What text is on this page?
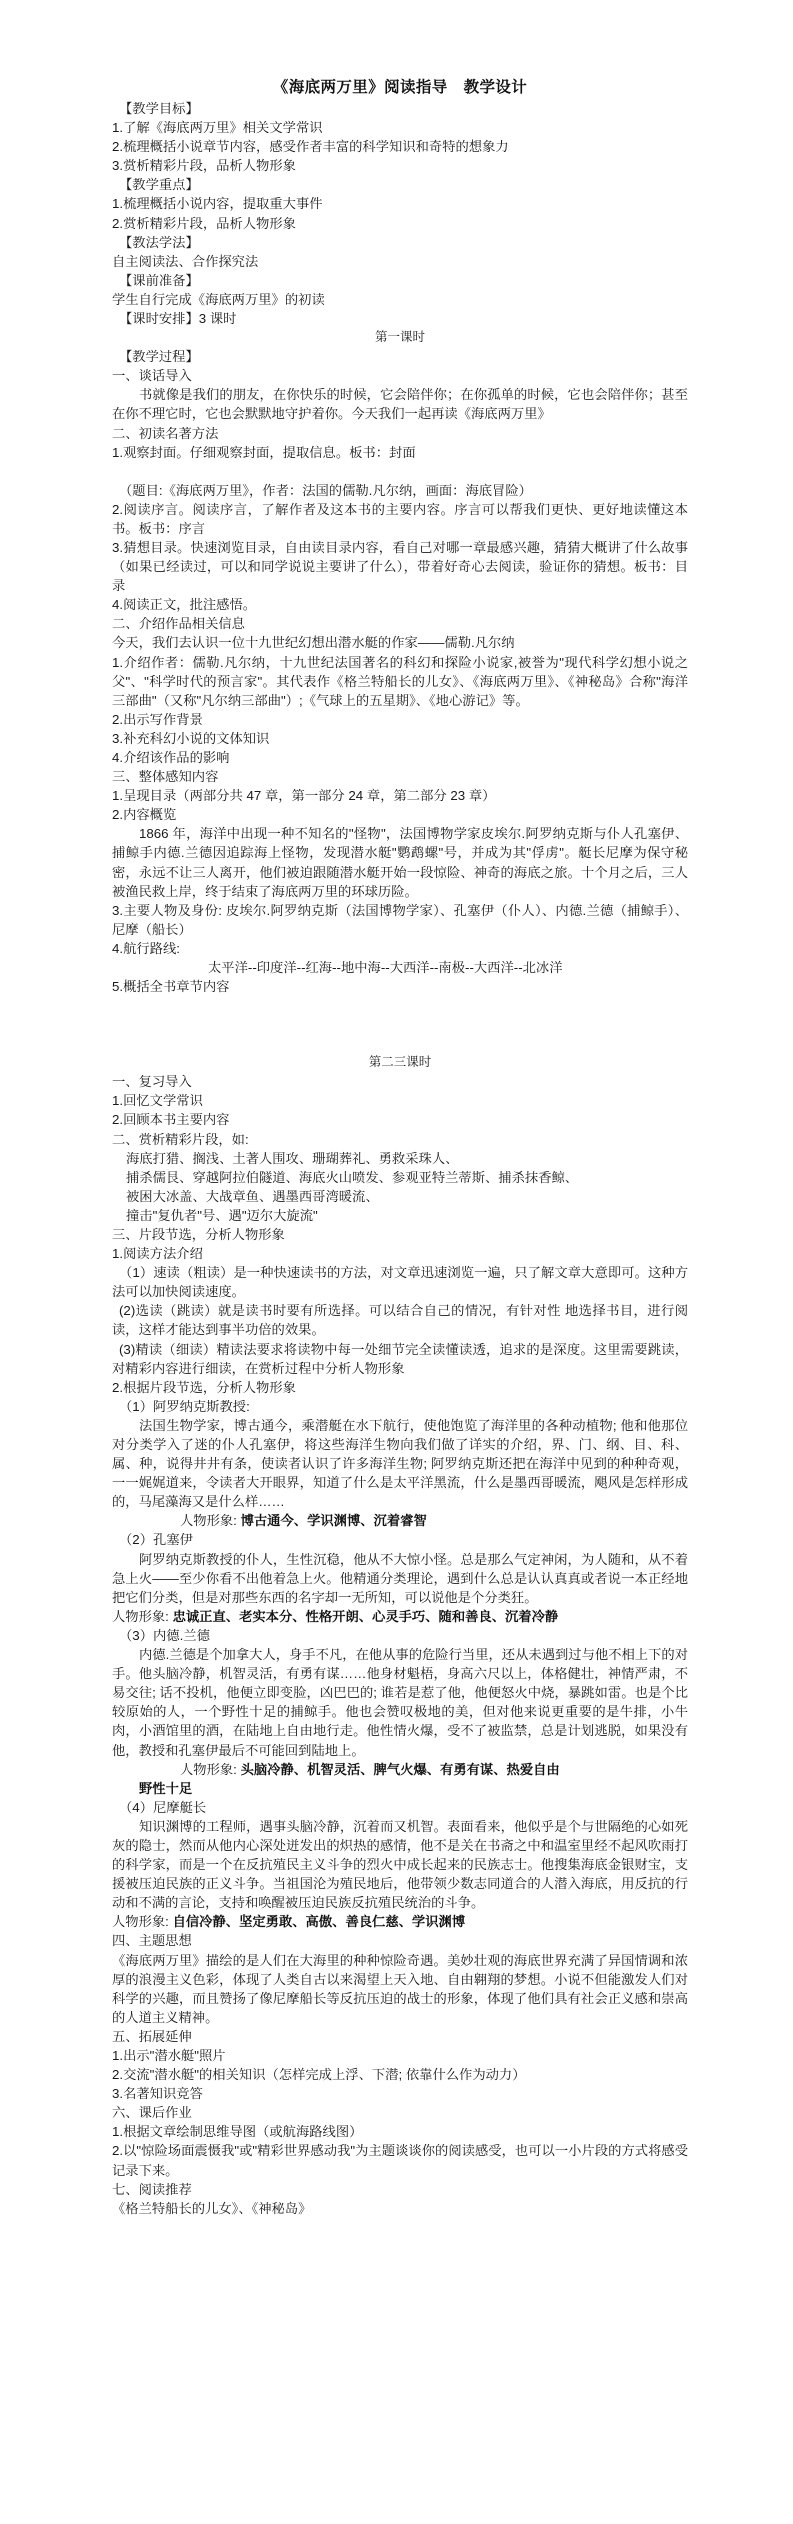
《海底两万里》阅读指导　教学设计
【教学目标】
1.了解《海底两万里》相关文学常识
2.梳理概括小说章节内容，感受作者丰富的科学知识和奇特的想象力
3.赏析精彩片段，品析人物形象
【教学重点】
1.梳理概括小说内容，提取重大事件
2.赏析精彩片段，品析人物形象
【教法学法】
自主阅读法、合作探究法
【课前准备】
学生自行完成《海底两万里》的初读
【课时安排】3 课时
第一课时
【教学过程】
一、谈话导入
书就像是我们的朋友，在你快乐的时候，它会陪伴你；在你孤单的时候，它也会陪伴你；甚至在你不理它时，它也会默默地守护着你。今天我们一起再读《海底两万里》
二、初读名著方法
1.观察封面。仔细观察封面，提取信息。板书：封面
（题目:《海底两万里》，作者：法国的儒勒.凡尔纳，画面：海底冒险）
2.阅读序言。阅读序言，了解作者及这本书的主要内容。序言可以帮我们更快、更好地读懂这本书。板书：序言
3.猜想目录。快速浏览目录，自由读目录内容，看自己对哪一章最感兴趣，猜猜大概讲了什么故事（如果已经读过，可以和同学说说主要讲了什么），带着好奇心去阅读，验证你的猜想。板书：目录
4.阅读正文，批注感悟。
二、介绍作品相关信息
今天，我们去认识一位十九世纪幻想出潜水艇的作家——儒勒.凡尔纳
1.介绍作者：儒勒.凡尔纳，十九世纪法国著名的科幻和探险小说家,被誉为"现代科学幻想小说之父"、"科学时代的预言家"。其代表作《格兰特船长的儿女》、《海底两万里》、《神秘岛》合称"海洋三部曲"（又称"凡尔纳三部曲"）;《气球上的五星期》、《地心游记》等。
2.出示写作背景
3.补充科幻小说的文体知识
4.介绍该作品的影响
三、整体感知内容
1.呈现目录（两部分共 47 章，第一部分 24 章，第二部分 23 章）
2.内容概览
1866 年，海洋中出现一种不知名的"怪物"，法国博物学家皮埃尔.阿罗纳克斯与仆人孔塞伊、捕鲸手内德.兰德因追踪海上怪物，发现潜水艇"鹦鹉螺"号，并成为其"俘虏"。艇长尼摩为保守秘密，永远不让三人离开，他们被迫跟随潜水艇开始一段惊险、神奇的海底之旅。十个月之后，三人被渔民救上岸，终于结束了海底两万里的环球历险。
3.主要人物及身份: 皮埃尔.阿罗纳克斯（法国博物学家）、孔塞伊（仆人）、内德.兰德（捕鲸手）、尼摩（船长）
4.航行路线:
太平洋--印度洋--红海--地中海--大西洋--南极--大西洋--北冰洋
5.概括全书章节内容
第二三课时
一、复习导入
1.回忆文学常识
2.回顾本书主要内容
二、赏析精彩片段，如:
海底打猎、搁浅、土著人围攻、珊瑚葬礼、勇救采珠人、
捕杀儒艮、穿越阿拉伯隧道、海底火山喷发、参观亚特兰蒂斯、捕杀抹香鲸、
被困大冰盖、大战章鱼、遇墨西哥湾暖流、
撞击"复仇者"号、遇"迈尔大旋流"
三、片段节选，分析人物形象
1.阅读方法介绍
（1）速读（粗读）是一种快速读书的方法，对文章迅速浏览一遍，只了解文章大意即可。这种方法可以加快阅读速度。
(2)选读（跳读）就是读书时要有所选择。可以结合自己的情况，有针对性 地选择书目，进行阅读，这样才能达到事半功倍的效果。
(3)精读（细读）精读法要求将读物中每一处细节完全读懂读透，追求的是深度。这里需要跳读，对精彩内容进行细读，在赏析过程中分析人物形象
2.根据片段节选，分析人物形象
（1）阿罗纳克斯教授:
法国生物学家，博古通今，乘潜艇在水下航行，使他饱览了海洋里的各种动植物; 他和他那位对分类学入了迷的仆人孔塞伊，将这些海洋生物向我们做了详实的介绍，界、门、纲、目、科、属、种，说得井井有条，使读者认识了许多海洋生物; 阿罗纳克斯还把在海洋中见到的种种奇观，一一娓娓道来，令读者大开眼界，知道了什么是太平洋黑流，什么是墨西哥暖流，飓风是怎样形成的，马尾藻海又是什么样……
人物形象: 博古通今、学识渊博、沉着睿智
（2）孔塞伊
阿罗纳克斯教授的仆人，生性沉稳，他从不大惊小怪。总是那么气定神闲，为人随和，从不着急上火——至少你看不出他着急上火。他精通分类理论，遇到什么总是认认真真或者说一本正经地把它们分类，但是对那些东西的名字却一无所知，可以说他是个分类狂。
人物形象: 忠诚正直、老实本分、性格开朗、心灵手巧、随和善良、沉着冷静
（3）内德.兰德
内德.兰德是个加拿大人，身手不凡，在他从事的危险行当里，还从未遇到过与他不相上下的对手。他头脑冷静，机智灵活，有勇有谋……他身材魁梧，身高六尺以上，体格健壮，神情严肃，不易交往; 话不投机，他便立即变脸，凶巴巴的; 谁若是惹了他，他便怒火中烧，暴跳如雷。也是个比较原始的人，一个野性十足的捕鲸手。他也会赞叹极地的美，但对他来说更重要的是牛排，小牛肉，小酒馆里的酒，在陆地上自由地行走。他性情火爆，受不了被监禁，总是计划逃脱，如果没有他，教授和孔塞伊最后不可能回到陆地上。
人物形象: 头脑冷静、机智灵活、脾气火爆、有勇有谋、热爱自由
野性十足
（4）尼摩艇长
知识渊博的工程师，遇事头脑冷静，沉着而又机智。表面看来，他似乎是个与世隔绝的心如死灰的隐士，然而从他内心深处迸发出的炽热的感情，他不是关在书斋之中和温室里经不起风吹雨打的科学家，而是一个在反抗殖民主义斗争的烈火中成长起来的民族志士。他搜集海底金银财宝，支援被压迫民族的正义斗争。当祖国沦为殖民地后，他带领少数志同道合的人潜入海底，用反抗的行动和不满的言论，支持和唤醒被压迫民族反抗殖民统治的斗争。
人物形象: 自信冷静、坚定勇敢、高傲、善良仁慈、学识渊博
四、主题思想
《海底两万里》描绘的是人们在大海里的种种惊险奇遇。美妙壮观的海底世界充满了异国情调和浓厚的浪漫主义色彩，体现了人类自古以来渴望上天入地、自由翱翔的梦想。小说不但能激发人们对科学的兴趣，而且赞扬了像尼摩船长等反抗压迫的战士的形象，体现了他们具有社会正义感和崇高的人道主义精神。
五、拓展延伸
1.出示"潜水艇"照片
2.交流"潜水艇"的相关知识（怎样完成上浮、下潜; 依靠什么作为动力）
3.名著知识竞答
六、课后作业
1.根据文章绘制思维导图（或航海路线图）
2.以"惊险场面震慑我"或"精彩世界感动我"为主题谈谈你的阅读感受，也可以一小片段的方式将感受记录下来。
七、阅读推荐
《格兰特船长的儿女》、《神秘岛》
